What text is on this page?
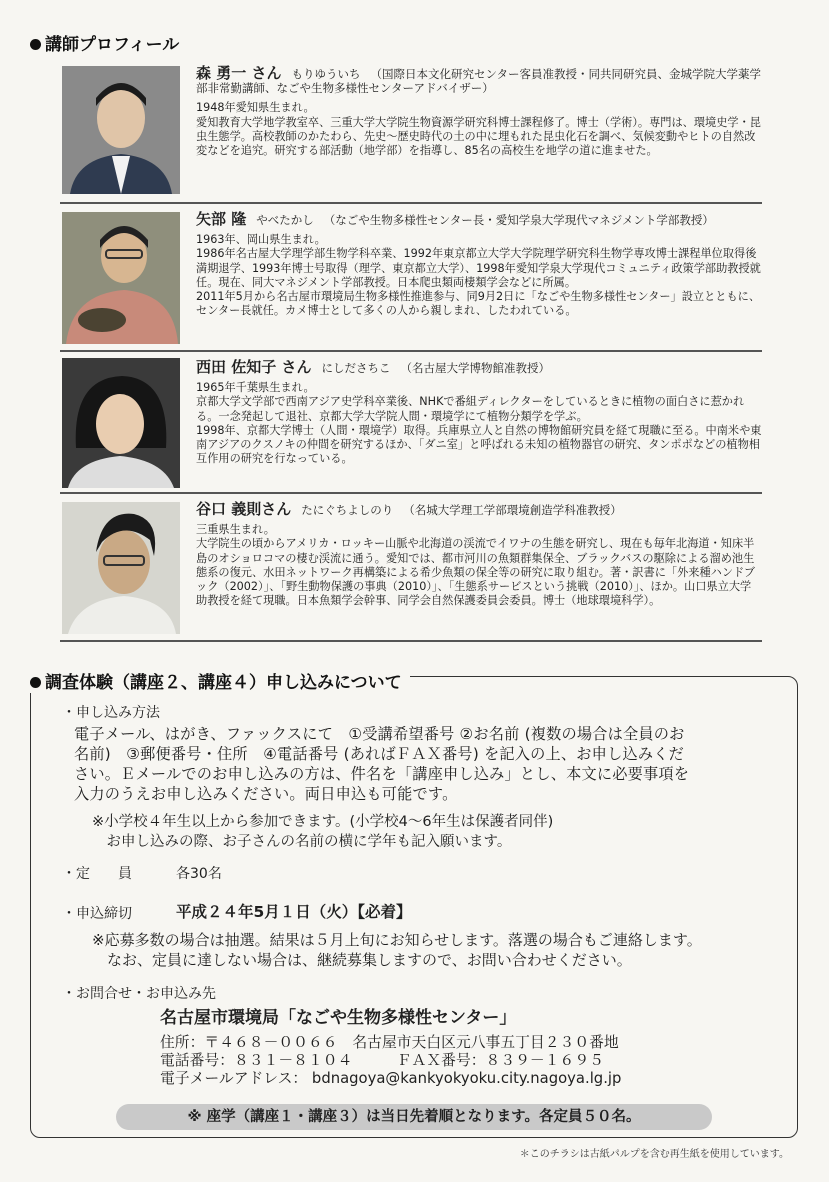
講師プロフィール
森 勇一 さん もりゆういち （国際日本文化研究センター客員准教授・同共同研究員、金城学院大学薬学部非常勤講師、なごや生物多様性センターアドバイザー）

1948年愛知県生まれ。

愛知教育大学地学教室卒、三重大学大学院生物資源学研究科博士課程修了。博士（学術）。専門は、環境史学・昆虫生態学。高校教師のかたわら、先史～歴史時代の土の中に埋もれた昆虫化石を調べ、気候変動やヒトの自然改変などを追究。研究する部活動（地学部）を指導し、85名の高校生を地学の道に進ませた。

矢部 隆 やべたかし （なごや生物多様性センター長・愛知学泉大学現代マネジメント学部教授）

1963年、岡山県生まれ。

1986年名古屋大学理学部生物学科卒業、1992年東京都立大学大学院理学研究科生物学専攻博士課程単位取得後満期退学、1993年博士号取得（理学、東京都立大学）、1998年愛知学泉大学現代コミュニティ政策学部助教授就任。現在、同大マネジメント学部教授。日本爬虫類両棲類学会などに所属。

2011年5月から名古屋市環境局生物多様性推進参与、同9月2日に「なごや生物多様性センター」設立とともに、センター長就任。カメ博士として多くの人から親しまれ、したわれている。

西田 佐知子 さん にしださちこ （名古屋大学博物館准教授）

1965年千葉県生まれ。

京都大学文学部で西南アジア史学科卒業後、NHKで番組ディレクターをしているときに植物の面白さに惹かれる。一念発起して退社、京都大学大学院人間・環境学にて植物分類学を学ぶ。

1998年、京都大学博士（人間・環境学）取得。兵庫県立人と自然の博物館研究員を経て現職に至る。中南米や東南アジアのクスノキの仲間を研究するほか、「ダニ室」と呼ばれる未知の植物器官の研究、タンポポなどの植物相互作用の研究を行なっている。

谷口 義則さん たにぐちよしのり （名城大学理工学部環境創造学科准教授）

三重県生まれ。

大学院生の頃からアメリカ・ロッキー山脈や北海道の渓流でイワナの生態を研究し、現在も毎年北海道・知床半島のオショロコマの棲む渓流に通う。愛知では、都市河川の魚類群集保全、ブラックバスの駆除による溜め池生態系の復元、水田ネットワーク再構築による希少魚類の保全等の研究に取り組む。著・訳書に「外来種ハンドブック（2002）」、「野生動物保護の事典（2010）」、「生態系サービスという挑戦（2010）」、ほか。山口県立大学助教授を経て現職。日本魚類学会幹事、同学会自然保護委員会委員。博士（地球環境科学）。

調査体験（講座２、講座４）申し込みについて
・申し込み方法
電子メール、はがき、ファックスにて　①受講希望番号 ②お名前 (複数の場合は全員のお
名前)　③郵便番号・住所　④電話番号 (あればＦＡＸ番号) を記入の上、お申し込みくだ
さい。Ｅメールでのお申し込みの方は、件名を「講座申し込み」とし、本文に必要事項を
入力のうえお申し込みください。両日申込も可能です。
※小学校４年生以上から参加できます。(小学校4～6年生は保護者同伴)
　お申し込みの際、お子さんの名前の横に学年も記入願います。
・定　　員	各30名
・申込締切	平成２４年5月１日（火）【必着】
※応募多数の場合は抽選。結果は５月上旬にお知らせします。落選の場合もご連絡します。
　なお、定員に達しない場合は、継続募集しますので、お問い合わせください。
・お問合せ・お申込み先
名古屋市環境局「なごや生物多様性センター」
住所：〒４６８－００６６　名古屋市天白区元八事五丁目２３０番地
電話番号：８３１－８１０４　　　ＦＡＸ番号：８３９－１６９５
電子メールアドレス： bdnagoya@kankyokyoku.city.nagoya.lg.jp
※ 座学（講座１・講座３）は当日先着順となります。各定員５０名。
＊このチラシは古紙パルプを含む再生紙を使用しています。
